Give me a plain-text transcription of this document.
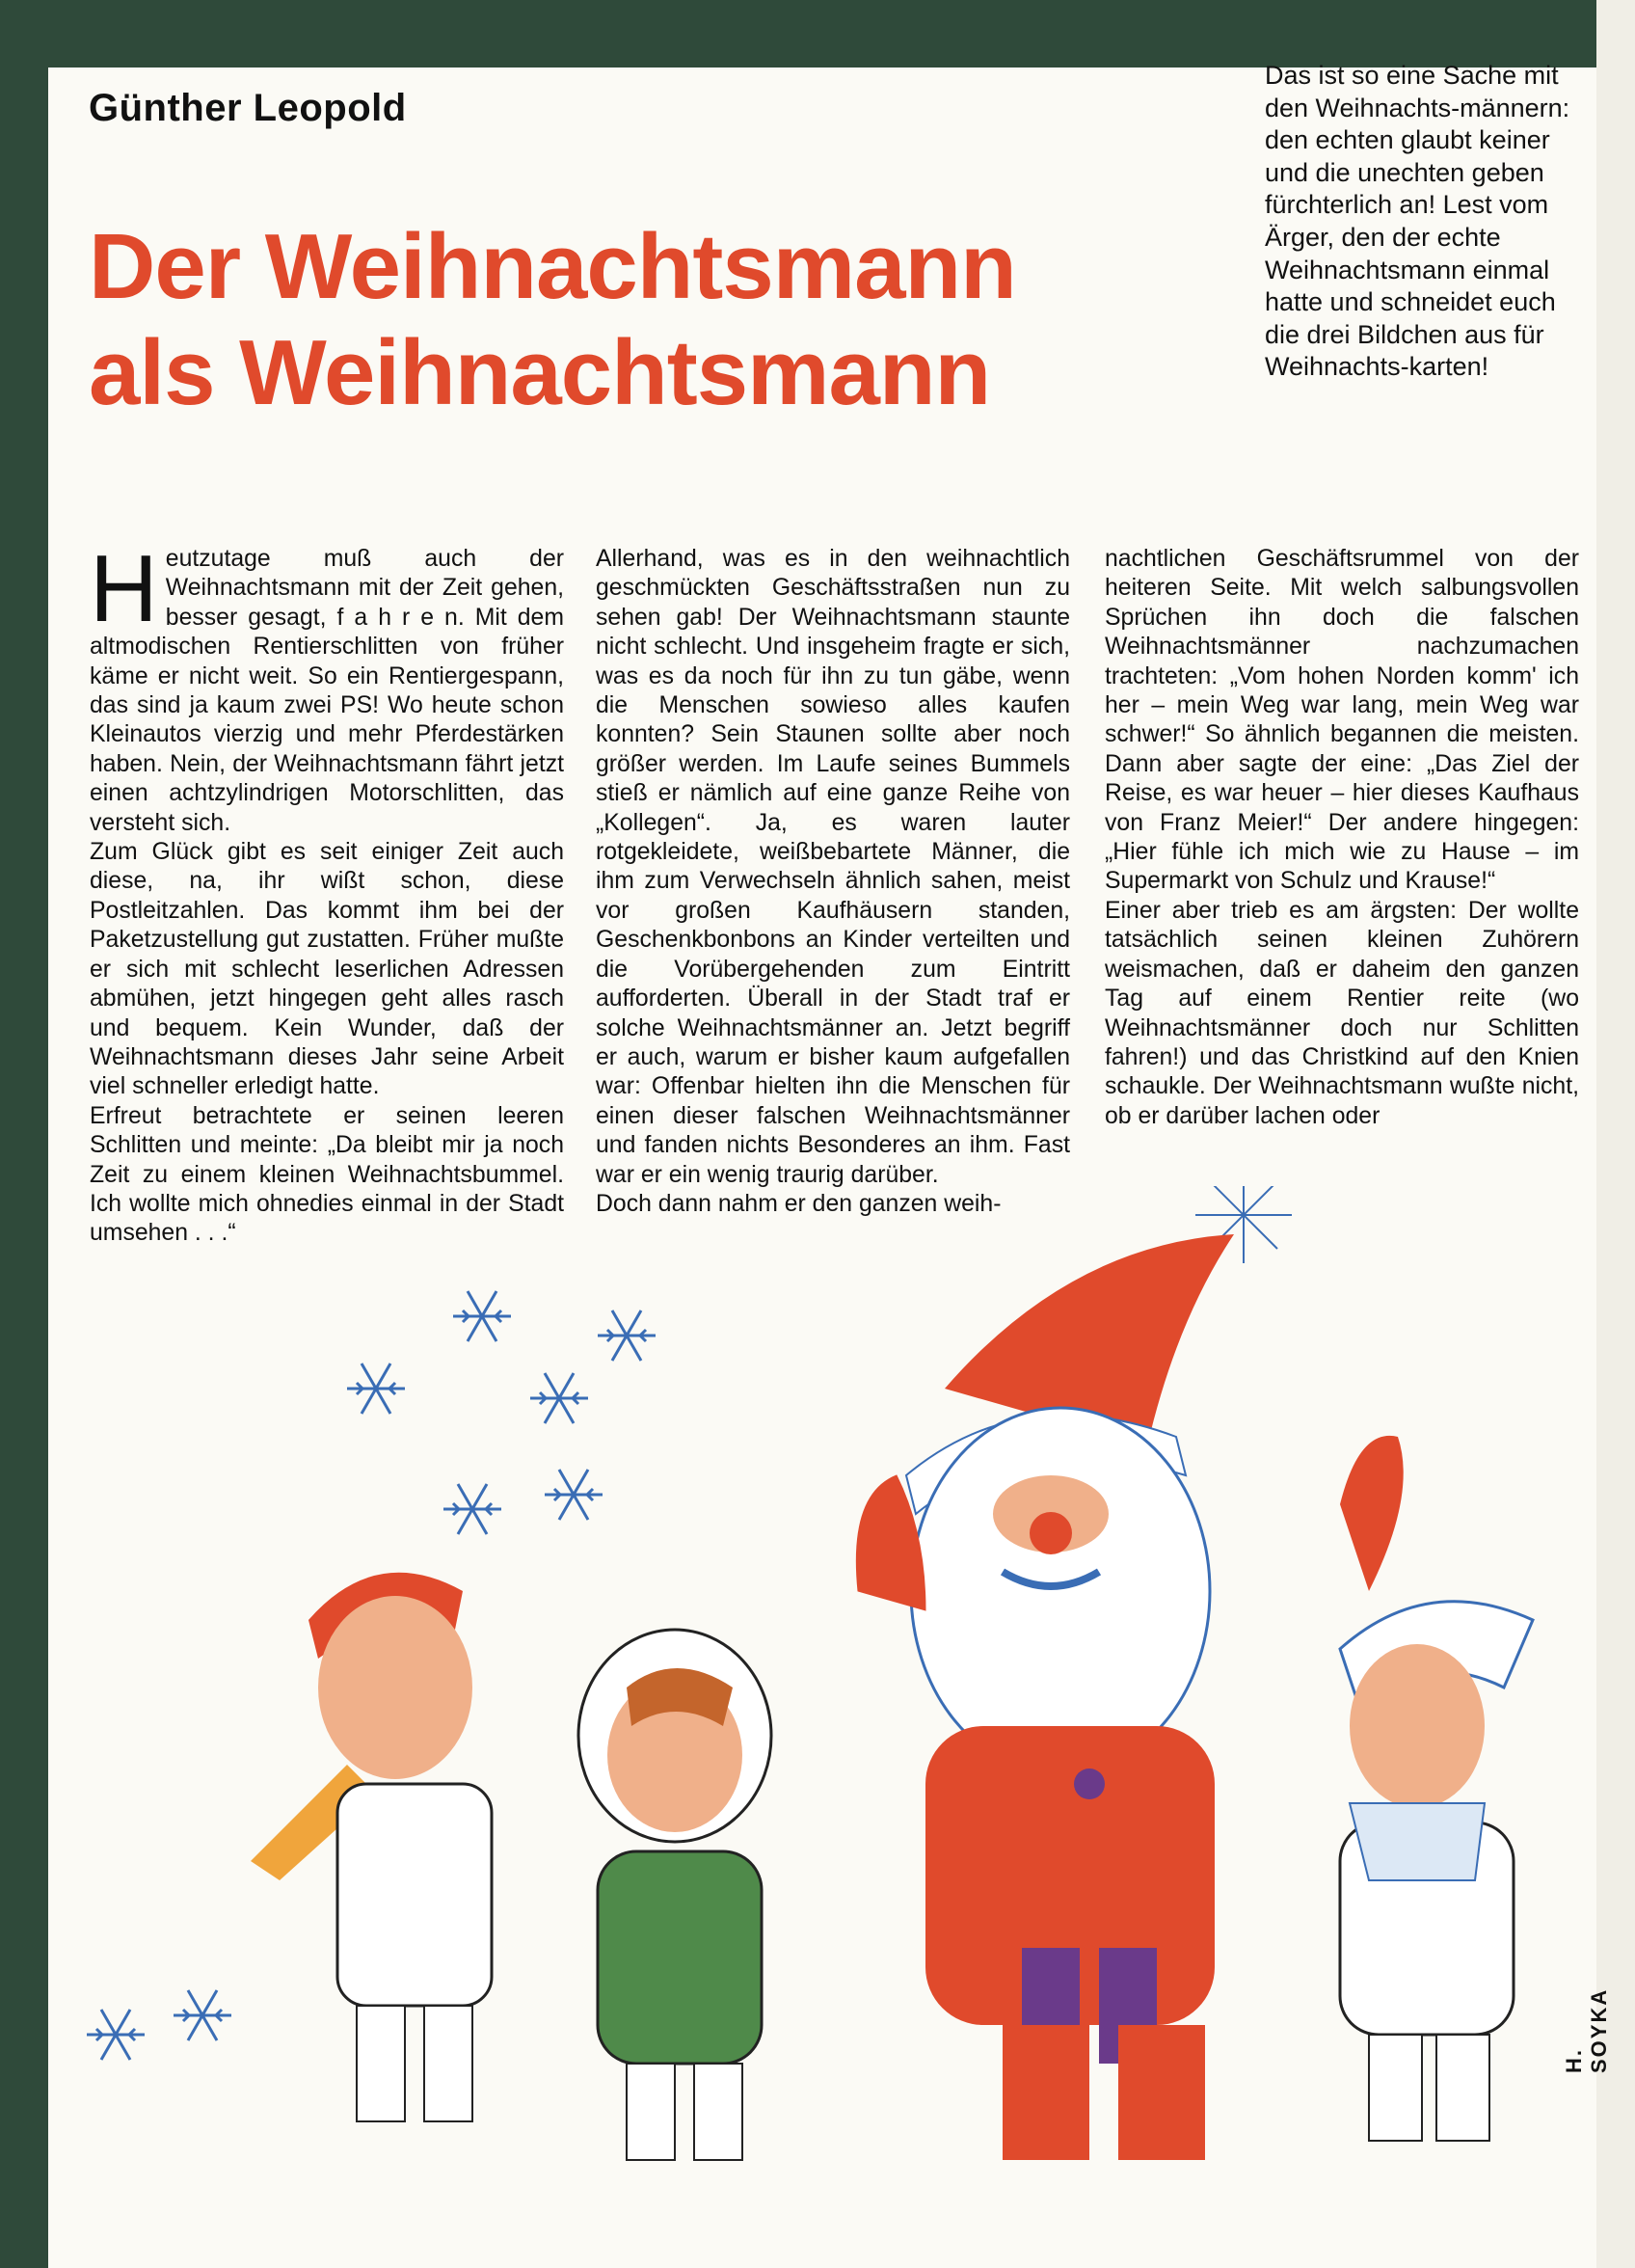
Günther Leopold
Der Weihnachtsmann
als Weihnachtsmann
Das ist so eine Sache mit den Weihnachts-männern: den echten glaubt keiner und die unechten geben fürchterlich an! Lest vom Ärger, den der echte Weihnachtsmann einmal hatte und schneidet euch die drei Bildchen aus für Weihnachts-karten!

Heutzutage muß auch der Weihnachtsmann mit der Zeit gehen, besser gesagt, f a h r e n. Mit dem altmodischen Rentierschlitten von früher käme er nicht weit. So ein Rentiergespann, das sind ja kaum zwei PS! Wo heute schon Kleinautos vierzig und mehr Pferdestärken haben. Nein, der Weihnachtsmann fährt jetzt einen achtzylindrigen Motorschlitten, das versteht sich.

Zum Glück gibt es seit einiger Zeit auch diese, na, ihr wißt schon, diese Postleitzahlen. Das kommt ihm bei der Paketzustellung gut zustatten. Früher mußte er sich mit schlecht leserlichen Adressen abmühen, jetzt hingegen geht alles rasch und bequem. Kein Wunder, daß der Weihnachtsmann dieses Jahr seine Arbeit viel schneller erledigt hatte.

Erfreut betrachtete er seinen leeren Schlitten und meinte: „Da bleibt mir ja noch Zeit zu einem kleinen Weihnachtsbummel. Ich wollte mich ohnedies einmal in der Stadt umsehen . . .“

Allerhand, was es in den weihnachtlich geschmückten Geschäftsstraßen nun zu sehen gab! Der Weihnachtsmann staunte nicht schlecht. Und insgeheim fragte er sich, was es da noch für ihn zu tun gäbe, wenn die Menschen sowieso alles kaufen konnten? Sein Staunen sollte aber noch größer werden. Im Laufe seines Bummels stieß er nämlich auf eine ganze Reihe von „Kollegen“. Ja, es waren lauter rotgekleidete, weißbebartete Männer, die ihm zum Verwechseln ähnlich sahen, meist vor großen Kaufhäusern standen, Geschenkbonbons an Kinder verteilten und die Vorübergehenden zum Eintritt aufforderten. Überall in der Stadt traf er solche Weihnachtsmänner an. Jetzt begriff er auch, warum er bisher kaum aufgefallen war: Offenbar hielten ihn die Menschen für einen dieser falschen Weihnachtsmänner und fanden nichts Besonderes an ihm. Fast war er ein wenig traurig darüber.

Doch dann nahm er den ganzen weih-

nachtlichen Geschäftsrummel von der heiteren Seite. Mit welch salbungsvollen Sprüchen ihn doch die falschen Weihnachtsmänner nachzumachen trachteten: „Vom hohen Norden komm' ich her – mein Weg war lang, mein Weg war schwer!“ So ähnlich begannen die meisten. Dann aber sagte der eine: „Das Ziel der Reise, es war heuer – hier dieses Kaufhaus von Franz Meier!“ Der andere hingegen: „Hier fühle ich mich wie zu Hause – im Supermarkt von Schulz und Krause!“

Einer aber trieb es am ärgsten: Der wollte tatsächlich seinen kleinen Zuhörern weismachen, daß er daheim den ganzen Tag auf einem Rentier reite (wo Weihnachtsmänner doch nur Schlitten fahren!) und das Christkind auf den Knien schaukle. Der Weihnachtsmann wußte nicht, ob er darüber lachen oder

H. SOYKA
